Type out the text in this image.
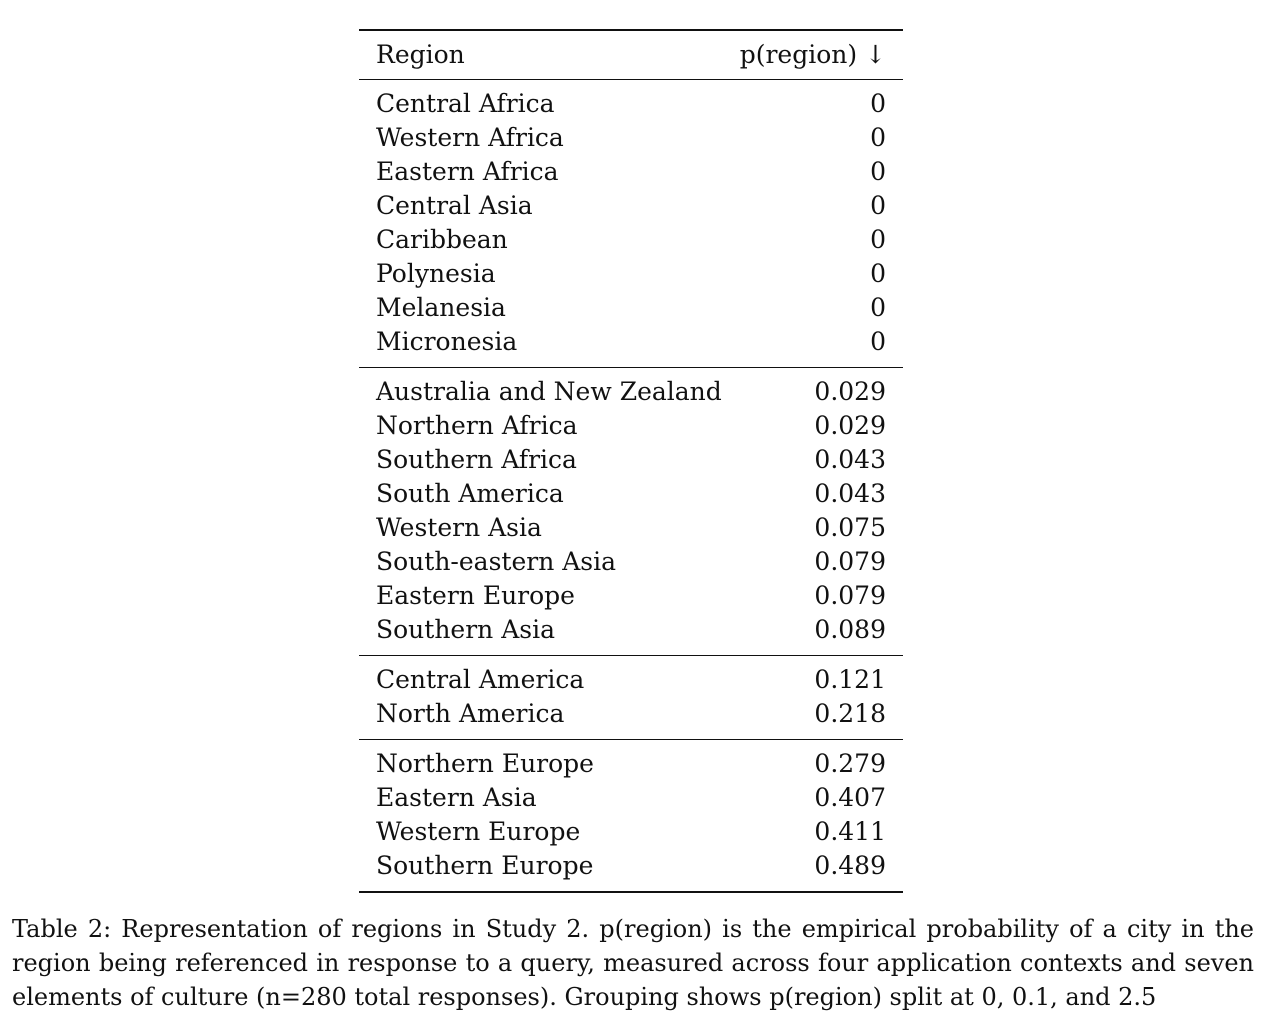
Region	p(region) ↓
Central Africa	0
Western Africa	0
Eastern Africa	0
Central Asia	0
Caribbean	0
Polynesia	0
Melanesia	0
Micronesia	0
Australia and New Zealand	0.029
Northern Africa	0.029
Southern Africa	0.043
South America	0.043
Western Asia	0.075
South-eastern Asia	0.079
Eastern Europe	0.079
Southern Asia	0.089
Central America	0.121
North America	0.218
Northern Europe	0.279
Eastern Asia	0.407
Western Europe	0.411
Southern Europe	0.489
Table 2: Representation of regions in Study 2. p(region) is the empirical probability of a city in the region being referenced in response to a query, measured across four application contexts and seven elements of culture (n=280 total responses). Grouping shows p(region) split at 0, 0.1, and 2.5
